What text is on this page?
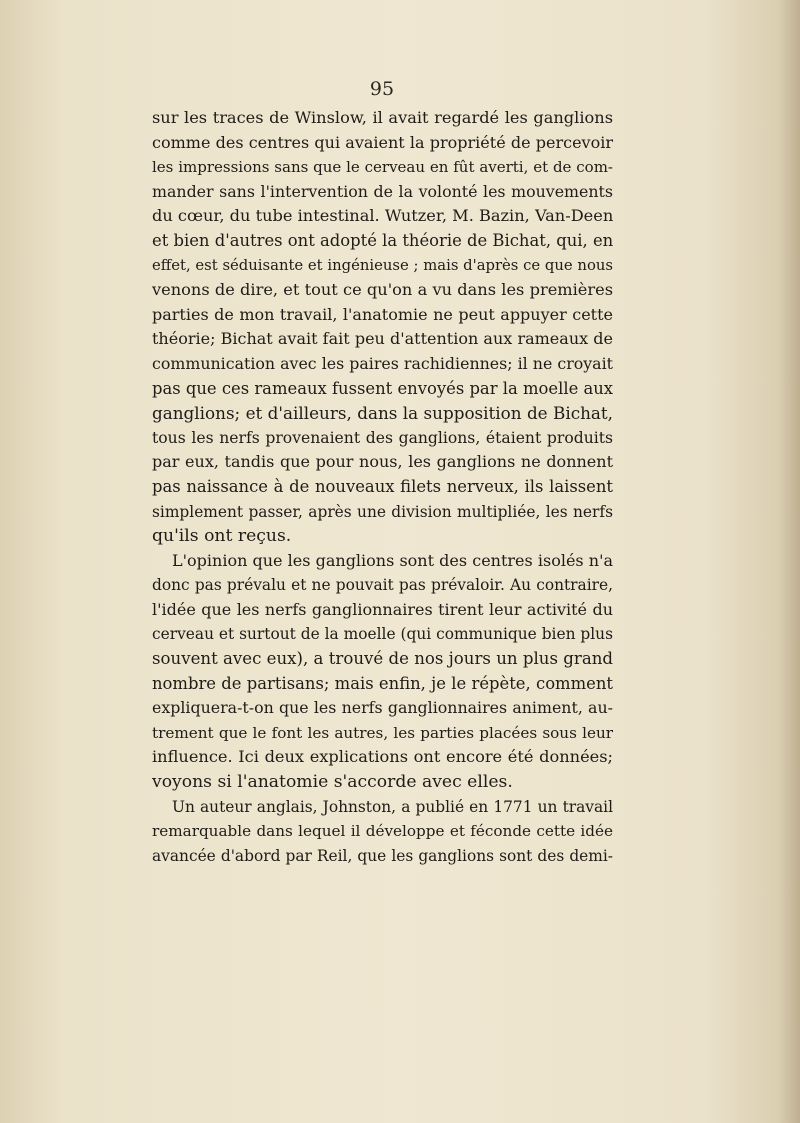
95
sur les traces de Winslow, il avait regardé les ganglions
comme des centres qui avaient la propriété de percevoir
les impressions sans que le cerveau en fût averti, et de com-
mander sans l'intervention de la volonté les mouvements
du cœur, du tube intestinal. Wutzer, M. Bazin, Van-Deen
et bien d'autres ont adopté la théorie de Bichat, qui, en
effet, est séduisante et ingénieuse ; mais d'après ce que nous
venons de dire, et tout ce qu'on a vu dans les premières
parties de mon travail, l'anatomie ne peut appuyer cette
théorie; Bichat avait fait peu d'attention aux rameaux de
communication avec les paires rachidiennes; il ne croyait
pas que ces rameaux fussent envoyés par la moelle aux
ganglions; et d'ailleurs, dans la supposition de Bichat,
tous les nerfs provenaient des ganglions, étaient produits
par eux, tandis que pour nous, les ganglions ne donnent
pas naissance à de nouveaux filets nerveux, ils laissent
simplement passer, après une division multipliée, les nerfs
qu'ils ont reçus.
L'opinion que les ganglions sont des centres isolés n'a
donc pas prévalu et ne pouvait pas prévaloir. Au contraire,
l'idée que les nerfs ganglionnaires tirent leur activité du
cerveau et surtout de la moelle (qui communique bien plus
souvent avec eux), a trouvé de nos jours un plus grand
nombre de partisans; mais enfin, je le répète, comment
expliquera-t-on que les nerfs ganglionnaires animent, au-
trement que le font les autres, les parties placées sous leur
influence. Ici deux explications ont encore été données;
voyons si l'anatomie s'accorde avec elles.
Un auteur anglais, Johnston, a publié en 1771 un travail
remarquable dans lequel il développe et féconde cette idée
avancée d'abord par Reil, que les ganglions sont des demi-
